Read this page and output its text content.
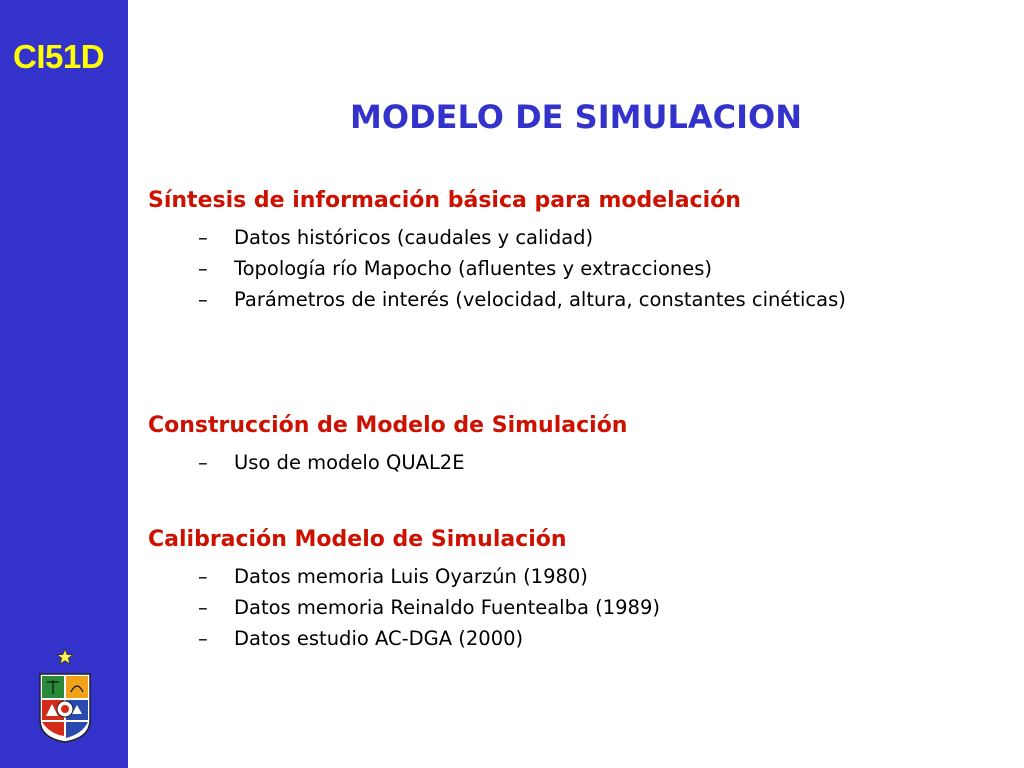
CI51D
MODELO DE SIMULACION

Síntesis de información básica para modelación

– Datos históricos (caudales y calidad)
– Topología río Mapocho (afluentes y extracciones)
– Parámetros de interés (velocidad, altura, constantes cinéticas)

Construcción de Modelo de Simulación

– Uso de modelo QUAL2E

Calibración Modelo de Simulación

– Datos memoria Luis Oyarzún (1980)
– Datos memoria Reinaldo Fuentealba (1989)
– Datos estudio AC-DGA (2000)
